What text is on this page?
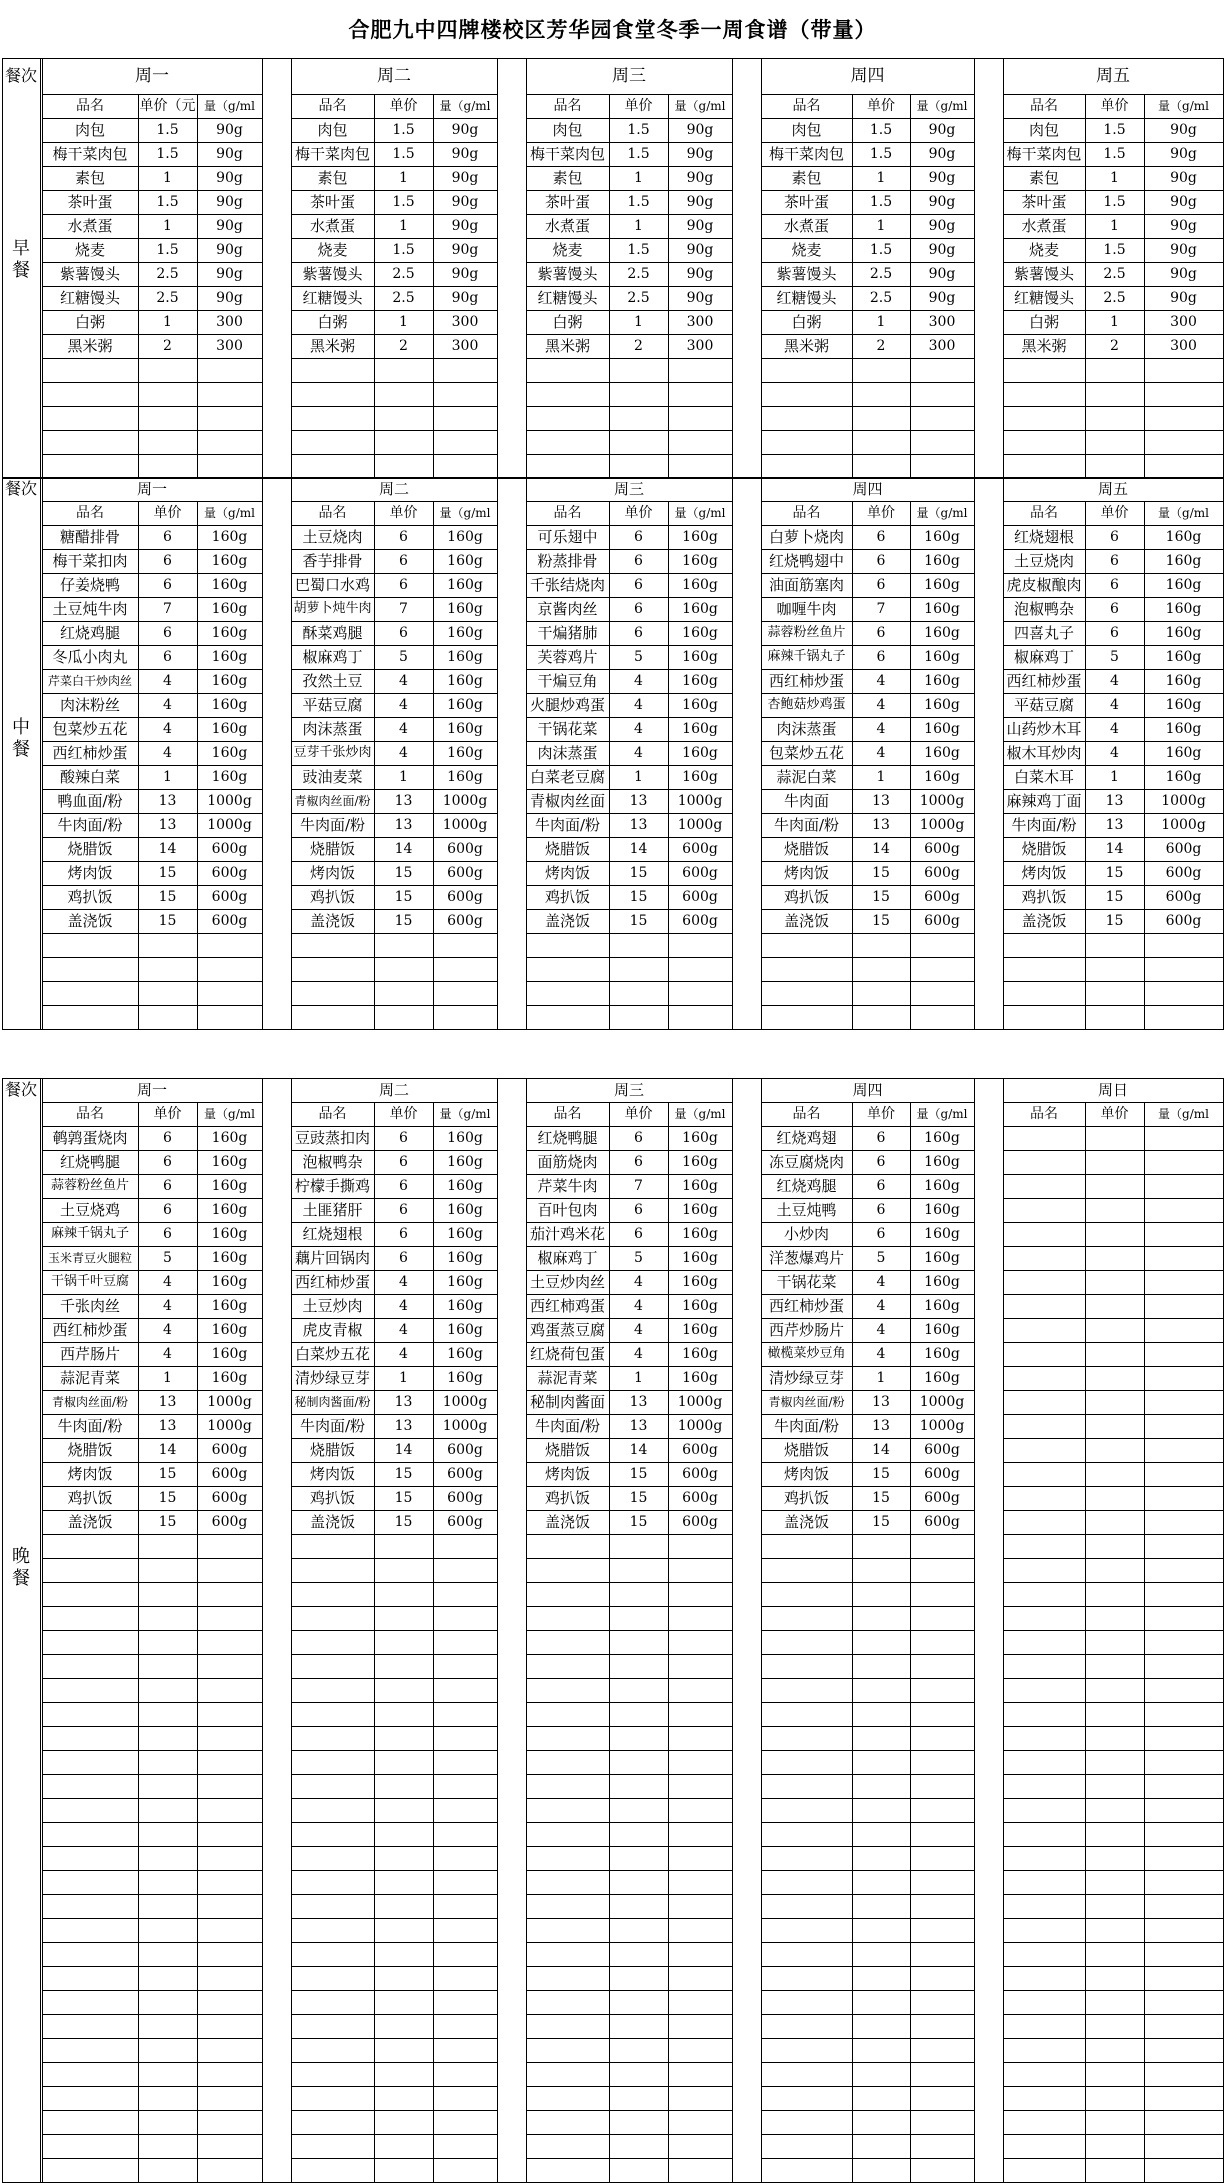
合肥九中四牌楼校区芳华园食堂冬季一周食谱（带量）
餐次
早
餐
周一
品名	单价（元 量（g/ml
肉包	1.5	90g
梅干菜肉包	1.5	90g
素包	1	90g
茶叶蛋	1.5	90g
水煮蛋	1	90g
烧麦	1.5	90g
紫薯馒头	2.5	90g
红糖馒头	2.5	90g
白粥	1	300
黑米粥	2	300
周二
品名	单价	量（g/ml
肉包	1.5	90g
梅干菜肉包	1.5	90g
素包	1	90g
茶叶蛋	1.5	90g
水煮蛋	1	90g
烧麦	1.5	90g
紫薯馒头	2.5	90g
红糖馒头	2.5	90g
白粥	1	300
黑米粥	2	300
周三
品名	单价	量（g/ml
肉包	1.5	90g
梅干菜肉包	1.5	90g
素包	1	90g
茶叶蛋	1.5	90g
水煮蛋	1	90g
烧麦	1.5	90g
紫薯馒头	2.5	90g
红糖馒头	2.5	90g
白粥	1	300
黑米粥	2	300
周四
品名	单价	量（g/ml
肉包	1.5	90g
梅干菜肉包	1.5	90g
素包	1	90g
茶叶蛋	1.5	90g
水煮蛋	1	90g
烧麦	1.5	90g
紫薯馒头	2.5	90g
红糖馒头	2.5	90g
白粥	1	300
黑米粥	2	300
周五
品名	单价	量（g/ml
肉包	1.5	90g
梅干菜肉包	1.5	90g
素包	1	90g
茶叶蛋	1.5	90g
水煮蛋	1	90g
烧麦	1.5	90g
紫薯馒头	2.5	90g
红糖馒头	2.5	90g
白粥	1	300
黑米粥	2	300
餐次
中
餐
周一
品名	单价	量（g/ml
糖醋排骨	6	160g
梅干菜扣肉	6	160g
仔姜烧鸭	6	160g
土豆炖牛肉	7	160g
红烧鸡腿	6	160g
冬瓜小肉丸	6	160g
芹菜白干炒肉丝	4	160g
肉沫粉丝	4	160g
包菜炒五花	4	160g
西红柿炒蛋	4	160g
酸辣白菜	1	160g
鸭血面/粉	13	1000g
牛肉面/粉	13	1000g
烧腊饭	14	600g
烤肉饭	15	600g
鸡扒饭	15	600g
盖浇饭	15	600g
周二
品名	单价	量（g/ml
土豆烧肉	6	160g
香芋排骨	6	160g
巴蜀口水鸡	6	160g
胡萝卜炖牛肉	7	160g
酥菜鸡腿	6	160g
椒麻鸡丁	5	160g
孜然土豆	4	160g
平菇豆腐	4	160g
肉沫蒸蛋	4	160g
豆芽千张炒肉	4	160g
豉油麦菜	1	160g
青椒肉丝面/粉	13	1000g
牛肉面/粉	13	1000g
烧腊饭	14	600g
烤肉饭	15	600g
鸡扒饭	15	600g
盖浇饭	15	600g
周三
品名	单价	量（g/ml
可乐翅中	6	160g
粉蒸排骨	6	160g
千张结烧肉	6	160g
京酱肉丝	6	160g
干煸猪肺	6	160g
芙蓉鸡片	5	160g
干煸豆角	4	160g
火腿炒鸡蛋	4	160g
干锅花菜	4	160g
肉沫蒸蛋	4	160g
白菜老豆腐	1	160g
青椒肉丝面	13	1000g
牛肉面/粉	13	1000g
烧腊饭	14	600g
烤肉饭	15	600g
鸡扒饭	15	600g
盖浇饭	15	600g
周四
品名	单价	量（g/ml
白萝卜烧肉	6	160g
红烧鸭翅中	6	160g
油面筋塞肉	6	160g
咖喱牛肉	7	160g
蒜蓉粉丝鱼片	6	160g
麻辣千锅丸子	6	160g
西红柿炒蛋	4	160g
杏鲍菇炒鸡蛋	4	160g
肉沫蒸蛋	4	160g
包菜炒五花	4	160g
蒜泥白菜	1	160g
牛肉面	13	1000g
牛肉面/粉	13	1000g
烧腊饭	14	600g
烤肉饭	15	600g
鸡扒饭	15	600g
盖浇饭	15	600g
周五
品名	单价	量（g/ml
红烧翅根	6	160g
土豆烧肉	6	160g
虎皮椒酿肉	6	160g
泡椒鸭杂	6	160g
四喜丸子	6	160g
椒麻鸡丁	5	160g
西红柿炒蛋	4	160g
平菇豆腐	4	160g
山药炒木耳	4	160g
椒木耳炒肉	4	160g
白菜木耳	1	160g
麻辣鸡丁面	13	1000g
牛肉面/粉	13	1000g
烧腊饭	14	600g
烤肉饭	15	600g
鸡扒饭	15	600g
盖浇饭	15	600g
餐次
晚
餐
周一
品名	单价	量（g/ml
鹌鹑蛋烧肉	6	160g
红烧鸭腿	6	160g
蒜蓉粉丝鱼片	6	160g
土豆烧鸡	6	160g
麻辣千锅丸子	6	160g
玉米青豆火腿粒	5	160g
干锅千叶豆腐	4	160g
千张肉丝	4	160g
西红柿炒蛋	4	160g
西芹肠片	4	160g
蒜泥青菜	1	160g
青椒肉丝面/粉	13	1000g
牛肉面/粉	13	1000g
烧腊饭	14	600g
烤肉饭	15	600g
鸡扒饭	15	600g
盖浇饭	15	600g
周二
品名	单价	量（g/ml
豆豉蒸扣肉	6	160g
泡椒鸭杂	6	160g
柠檬手撕鸡	6	160g
土匪猪肝	6	160g
红烧翅根	6	160g
藕片回锅肉	6	160g
西红柿炒蛋	4	160g
土豆炒肉	4	160g
虎皮青椒	4	160g
白菜炒五花	4	160g
清炒绿豆芽	1	160g
秘制肉酱面/粉	13	1000g
牛肉面/粉	13	1000g
烧腊饭	14	600g
烤肉饭	15	600g
鸡扒饭	15	600g
盖浇饭	15	600g
周三
品名	单价	量（g/ml
红烧鸭腿	6	160g
面筋烧肉	6	160g
芹菜牛肉	7	160g
百叶包肉	6	160g
茄汁鸡米花	6	160g
椒麻鸡丁	5	160g
土豆炒肉丝	4	160g
西红柿鸡蛋	4	160g
鸡蛋蒸豆腐	4	160g
红烧荷包蛋	4	160g
蒜泥青菜	1	160g
秘制肉酱面	13	1000g
牛肉面/粉	13	1000g
烧腊饭	14	600g
烤肉饭	15	600g
鸡扒饭	15	600g
盖浇饭	15	600g
周四
品名	单价	量（g/ml
红烧鸡翅	6	160g
冻豆腐烧肉	6	160g
红烧鸡腿	6	160g
土豆炖鸭	6	160g
小炒肉	6	160g
洋葱爆鸡片	5	160g
干锅花菜	4	160g
西红柿炒蛋	4	160g
西芹炒肠片	4	160g
橄榄菜炒豆角	4	160g
清炒绿豆芽	1	160g
青椒肉丝面/粉	13	1000g
牛肉面/粉	13	1000g
烧腊饭	14	600g
烤肉饭	15	600g
鸡扒饭	15	600g
盖浇饭	15	600g
周日
品名	单价	量（g/ml
